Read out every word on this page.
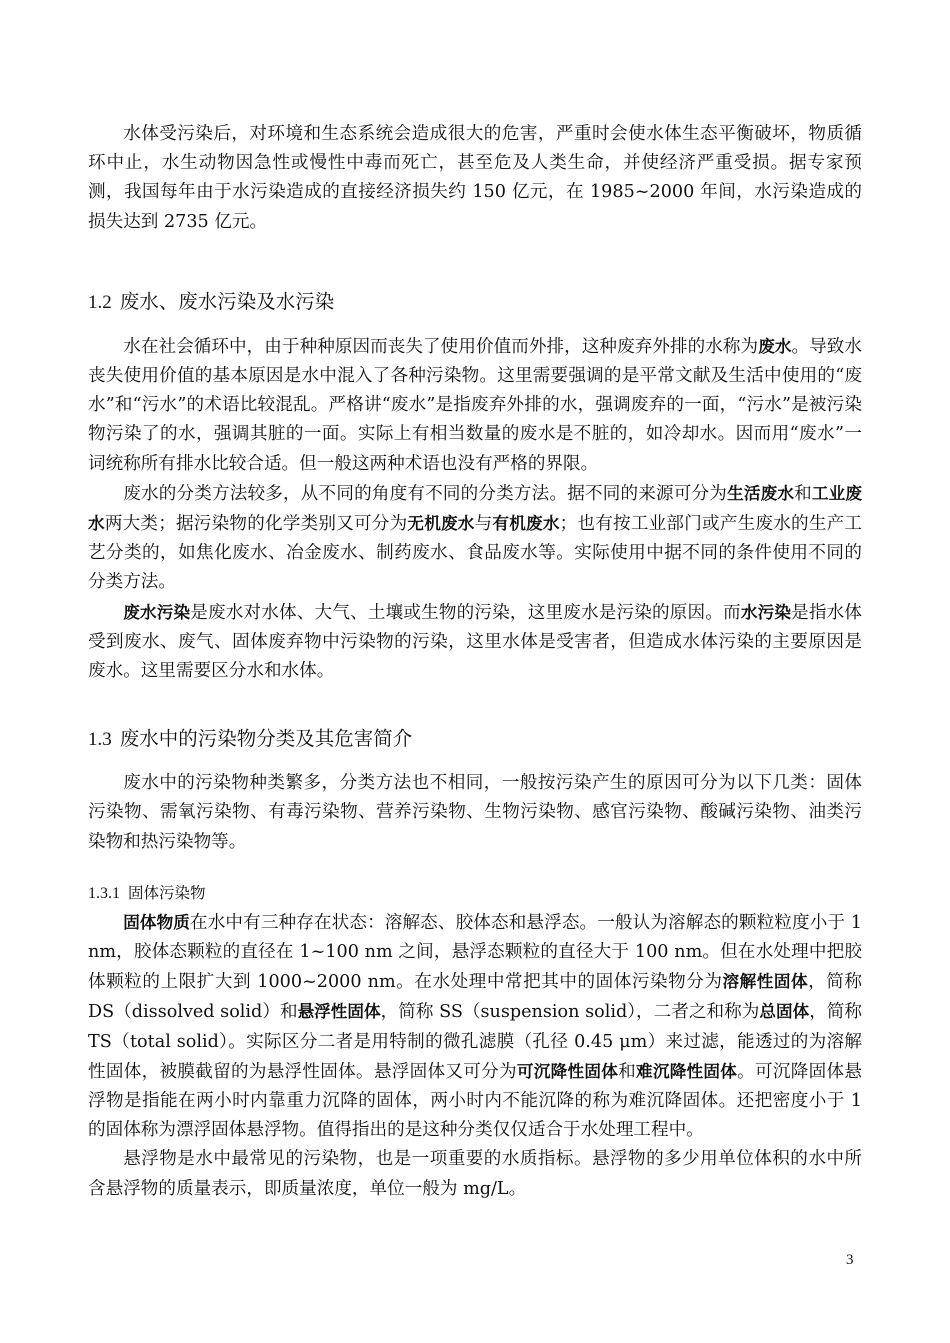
水体受污染后，对环境和生态系统会造成很大的危害，严重时会使水体生态平衡破坏，物质循环中止，水生动物因急性或慢性中毒而死亡，甚至危及人类生命，并使经济严重受损。据专家预测，我国每年由于水污染造成的直接经济损失约 150 亿元，在 1985~2000 年间，水污染造成的损失达到 2735 亿元。

1.2 废水、废水污染及水污染

水在社会循环中，由于种种原因而丧失了使用价值而外排，这种废弃外排的水称为废水。导致水丧失使用价值的基本原因是水中混入了各种污染物。这里需要强调的是平常文献及生活中使用的“废水”和“污水”的术语比较混乱。严格讲“废水”是指废弃外排的水，强调废弃的一面，“污水”是被污染物污染了的水，强调其脏的一面。实际上有相当数量的废水是不脏的，如冷却水。因而用“废水”一词统称所有排水比较合适。但一般这两种术语也没有严格的界限。

废水的分类方法较多，从不同的角度有不同的分类方法。据不同的来源可分为生活废水和工业废水两大类；据污染物的化学类别又可分为无机废水与有机废水；也有按工业部门或产生废水的生产工艺分类的，如焦化废水、冶金废水、制药废水、食品废水等。实际使用中据不同的条件使用不同的分类方法。

废水污染是废水对水体、大气、土壤或生物的污染，这里废水是污染的原因。而水污染是指水体受到废水、废气、固体废弃物中污染物的污染，这里水体是受害者，但造成水体污染的主要原因是废水。这里需要区分水和水体。

1.3 废水中的污染物分类及其危害简介

废水中的污染物种类繁多，分类方法也不相同，一般按污染产生的原因可分为以下几类：固体污染物、需氧污染物、有毒污染物、营养污染物、生物污染物、感官污染物、酸碱污染物、油类污染物和热污染物等。

1.3.1 固体污染物

固体物质在水中有三种存在状态：溶解态、胶体态和悬浮态。一般认为溶解态的颗粒粒度小于 1 nm，胶体态颗粒的直径在 1~100 nm 之间，悬浮态颗粒的直径大于 100 nm。但在水处理中把胶体颗粒的上限扩大到 1000~2000 nm。在水处理中常把其中的固体污染物分为溶解性固体，简称 DS（dissolved solid）和悬浮性固体，简称 SS（suspension solid），二者之和称为总固体，简称 TS（total solid）。实际区分二者是用特制的微孔滤膜（孔径 0.45 μm）来过滤，能透过的为溶解性固体，被膜截留的为悬浮性固体。悬浮固体又可分为可沉降性固体和难沉降性固体。可沉降固体悬浮物是指能在两小时内靠重力沉降的固体，两小时内不能沉降的称为难沉降固体。还把密度小于 1 的固体称为漂浮固体悬浮物。值得指出的是这种分类仅仅适合于水处理工程中。

悬浮物是水中最常见的污染物，也是一项重要的水质指标。悬浮物的多少用单位体积的水中所含悬浮物的质量表示，即质量浓度，单位一般为 mg/L。

3
